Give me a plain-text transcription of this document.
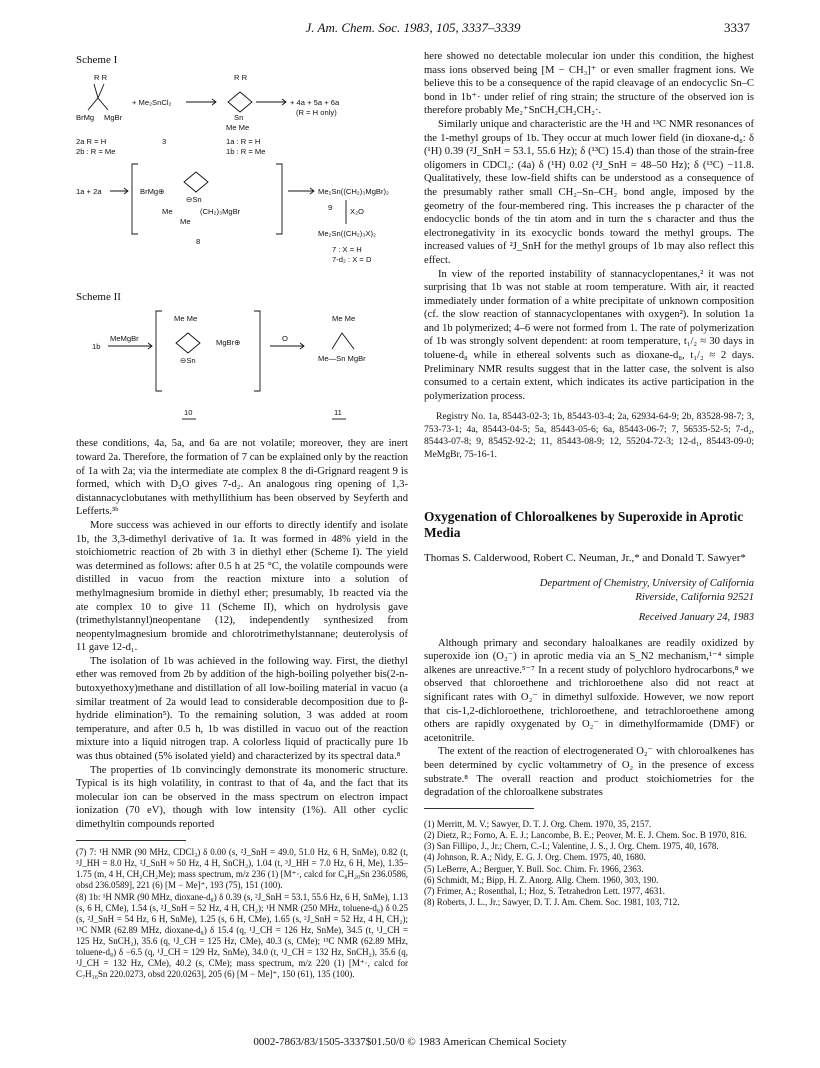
J. Am. Chem. Soc. 1983, 105, 3337–3339	3337
Scheme I
R R
BrMg MgBr
+ Me₂SnCl₂
R R
Sn
Me Me
+ 4a + 5a + 6a
(R = H only)
2a R = H
2b : R = Me
3	1a : R = H
1b : R = Me
1a + 2a	BrMg⊕
⊖Sn
Me
Me
(CH₂)₃MgBr
8
Me₂Sn((CH₂)₃MgBr)₂
9 X₂O
Me₂Sn((CH₂)₃X)₂
7 : X = H
7-d₂ : X = D
Scheme II
1b
MeMgBr
Me Me
⊖Sn
MgBr⊕	O
Me Me
Me—Sn MgBr
10	11

these conditions, 4a, 5a, and 6a are not volatile; moreover, they are inert toward 2a. Therefore, the formation of 7 can be explained only by the reaction of 1a with 2a; via the intermediate ate complex 8 the di-Grignard reagent 9 is formed, which with D₂O gives 7-d₂. An analogous ring opening of 1,3-distannacyclobutanes with methyllithium has been observed by Seyferth and Lefferts.³ᵇ

More success was achieved in our efforts to directly identify and isolate 1b, the 3,3-dimethyl derivative of 1a. It was formed in 48% yield in the stoichiometric reaction of 2b with 3 in diethyl ether (Scheme I). The yield was determined as follows: after 0.5 h at 25 °C, the volatile compounds were distilled in vacuo from the reaction mixture into a solution of methylmagnesium bromide in diethyl ether; presumably, 1b reacted via the ate complex 10 to give 11 (Scheme II), which on hydrolysis gave (trimethylstannyl)neopentane (12), independently synthesized from neopentylmagnesium bromide and chlorotrimethylstannane; deuterolysis of 11 gave 12-d₁.

The isolation of 1b was achieved in the following way. First, the diethyl ether was removed from 2b by addition of the high-boiling polyether bis(2-n-butoxyethoxy)methane and distillation of all low-boiling material in vacuo (a similar treatment of 2a would lead to considerable decomposition due to β-hydride elimination⁵). To the remaining solution, 3 was added at room temperature, and after 0.5 h, 1b was distilled in vacuo out of the reaction mixture into a liquid nitrogen trap. A colorless liquid of practically pure 1b was thus obtained (5% isolated yield) and characterized by its spectral data.⁸

The properties of 1b convincingly demonstrate its monomeric structure. Typical is its high volatility, in contrast to that of 4a, and the fact that its molecular ion can be observed in the mass spectrum on electron impact ionization (70 eV), though with low intensity (1%). All other cyclic dimethyltin compounds reported

(7) 7: ¹H NMR (90 MHz, CDCl₃) δ 0.00 (s, ²J_SnH = 49.0, 51.0 Hz, 6 H, SnMe), 0.82 (t, ³J_HH = 8.0 Hz, ²J_SnH ≈ 50 Hz, 4 H, SnCH₂), 1.04 (t, ³J_HH = 7.0 Hz, 6 H, Me), 1.35–1.75 (m, 4 H, CH₂CH₂Me); mass spectrum, m/z 236 (1) [M⁺·, calcd for C₈H₂₀Sn 236.0586, obsd 236.0589], 221 (6) [M − Me]⁺, 193 (75), 151 (100).

(8) 1b: ¹H NMR (90 MHz, dioxane-d₈) δ 0.39 (s, ²J_SnH = 53.1, 55.6 Hz, 6 H, SnMe), 1.13 (s, 6 H, CMe), 1.54 (s, ²J_SnH = 52 Hz, 4 H, CH₂); ¹H NMR (250 MHz, toluene-d₈) δ 0.25 (s, ²J_SnH = 54 Hz, 6 H, SnMe), 1.25 (s, 6 H, CMe), 1.65 (s, ²J_SnH = 52 Hz, 4 H, CH₂); ¹³C NMR (62.89 MHz, dioxane-d₈) δ 15.4 (q, ¹J_CH = 126 Hz, SnMe), 34.5 (t, ¹J_CH = 125 Hz, SnCH₂), 35.6 (q, ¹J_CH = 125 Hz, CMe), 40.3 (s, CMe); ¹³C NMR (62.89 MHz, toluene-d₈) δ −6.5 (q, ¹J_CH = 129 Hz, SnMe), 34.0 (t, ¹J_CH = 132 Hz, SnCH₂), 35.6 (q, ¹J_CH = 132 Hz, CMe), 40.2 (s, CMe); mass spectrum, m/z 220 (1) [M⁺·, calcd for C₇H₁₆Sn 220.0273, obsd 220.0263], 205 (6) [M − Me]⁺, 150 (61), 135 (100).

here showed no detectable molecular ion under this condition, the highest mass ions observed being [M − CH₃]⁺ or even smaller fragment ions. We believe this to be a consequence of the rapid cleavage of an endocyclic Sn–C bond in 1b⁺· under relief of ring strain; the structure of the observed ion is therefore probably Me₂⁺SnCH₂CH₂CH₂·.

Similarly unique and characteristic are the ¹H and ¹³C NMR resonances of the 1-methyl groups of 1b. They occur at much lower field (in dioxane-d₈: δ (¹H) 0.39 (²J_SnH = 53.1, 55.6 Hz); δ (¹³C) 15.4) than those of the strain-free oligomers in CDCl₃: (4a) δ (¹H) 0.02 (²J_SnH = 48–50 Hz); δ (¹³C) −11.8. Qualitatively, these low-field shifts can be understood as a consequence of the presumably rather small CH₂–Sn–CH₂ bond angle, imposed by the geometry of the four-membered ring. This increases the p character of the endocyclic bonds of the tin atom and in turn the s character and thus the electronegativity in its exocyclic bonds toward the methyl groups. The increased values of ²J_SnH for the methyl groups of 1b may also reflect this effect.

In view of the reported instability of stannacyclopentanes,² it was not surprising that 1b was not stable at room temperature. With air, it reacted immediately under formation of a white precipitate of unknown composition (cf. the slow reaction of stannacyclopentanes with oxygen²). In solution 1a and 1b polymerized; 4–6 were not formed from 1. The rate of polymerization of 1b was strongly solvent dependent: at room temperature, t₁/₂ ≈ 30 days in toluene-d₈ while in ethereal solvents such as dioxane-d₈, t₁/₂ ≈ 2 days. Preliminary NMR results suggest that in the latter case, the solvent is also consumed to a certain extent, which indicates its active participation in the polymerization process.

Registry No. 1a, 85443-02-3; 1b, 85443-03-4; 2a, 62934-64-9; 2b, 83528-98-7; 3, 753-73-1; 4a, 85443-04-5; 5a, 85443-05-6; 6a, 85443-06-7; 7, 56535-52-5; 7-d₂, 85443-07-8; 9, 85452-92-2; 11, 85443-08-9; 12, 55204-72-3; 12-d₁, 85443-09-0; MeMgBr, 75-16-1.

Oxygenation of Chloroalkenes by Superoxide in Aprotic Media
Thomas S. Calderwood, Robert C. Neuman, Jr.,* and Donald T. Sawyer*
Department of Chemistry, University of California
Riverside, California 92521
Received January 24, 1983

Although primary and secondary haloalkanes are readily oxidized by superoxide ion (O₂⁻) in aprotic media via an S_N2 mechanism,¹⁻⁴ simple alkenes are unreactive.⁵⁻⁷ In a recent study of polychloro hydrocarbons,⁸ we observed that chloroethene and trichloroethene also did not react at significant rates with O₂⁻ in dimethyl sulfoxide. However, we now report that cis-1,2-dichloroethene, trichloroethene, and tetrachloroethene among others are rapidly oxygenated by O₂⁻ in dimethylformamide (DMF) or acetonitrile.

The extent of the reaction of electrogenerated O₂⁻ with chloroalkenes has been determined by cyclic voltammetry of O₂ in the presence of excess substrate.⁸ The overall reaction and product stoichiometries for the degradation of the chloroalkene substrates

(1) Merritt, M. V.; Sawyer, D. T. J. Org. Chem. 1970, 35, 2157.
(2) Dietz, R.; Forno, A. E. J.; Lancombe, B. E.; Peover, M. E. J. Chem. Soc. B 1970, 816.
(3) San Fillipo, J., Jr.; Chern, C.-I.; Valentine, J. S., J. Org. Chem. 1975, 40, 1678.
(4) Johnson, R. A.; Nidy, E. G. J. Org. Chem. 1975, 40, 1680.
(5) LeBerre, A.; Berguer, Y. Bull. Soc. Chim. Fr. 1966, 2363.
(6) Schmidt, M.; Bipp, H. Z. Anorg. Allg. Chem. 1960, 303, 190.
(7) Frimer, A.; Rosenthal, I.; Hoz, S. Tetrahedron Lett. 1977, 4631.
(8) Roberts, J. L., Jr.; Sawyer, D. T. J. Am. Chem. Soc. 1981, 103, 712.
0002-7863/83/1505-3337$01.50/0 © 1983 American Chemical Society
